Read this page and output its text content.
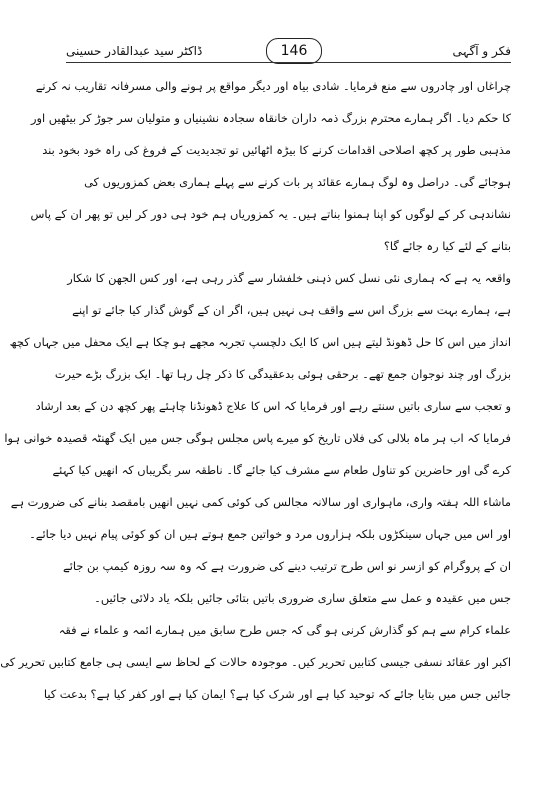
فکر و آگہی
146
ڈاکٹر سید عبدالقادر حسینی
چراغاں اور چادروں سے منع فرمایا۔ شادی بیاہ اور دیگر مواقع پر ہونے والی مسرفانہ تقاریب نہ کرنے
کا حکم دیا۔ اگر ہمارے محترم بزرگ ذمہ داران خانقاہ سجادہ نشینیاں و متولیان سر جوڑ کر بیٹھیں اور
مذہبی طور پر کچھ اصلاحی اقدامات کرنے کا بیڑہ اٹھائیں تو تجدیدیت کے فروغ کی راہ خود بخود بند
ہوجائے گی۔ دراصل وہ لوگ ہمارے عقائد پر بات کرنے سے پہلے ہماری بعض کمزوریوں کی
نشاندہی کر کے لوگوں کو اپنا ہمنوا بناتے ہیں۔ یہ کمزوریاں ہم خود ہی دور کر لیں تو پھر ان کے پاس
بتانے کے لئے کیا رہ جائے گا؟
واقعہ یہ ہے کہ ہماری نئی نسل کس ذہنی خلفشار سے گذر رہی ہے، اور کس الجھن کا شکار
ہے، ہمارے بہت سے بزرگ اس سے واقف ہی نہیں ہیں، اگر ان کے گوش گذار کیا جائے تو اپنے
انداز میں اس کا حل ڈھونڈ لیتے ہیں اس کا ایک دلچسپ تجربہ مجھے ہو چکا ہے ایک محفل میں جہاں کچھ
بزرگ اور چند نوجوان جمع تھے۔ برحقی ہوئی بدعقیدگی کا ذکر چل رہا تھا۔ ایک بزرگ بڑے حیرت
و تعجب سے ساری باتیں سنتے رہے اور فرمایا کہ اس کا علاج ڈھونڈنا چاہئے پھر کچھ دن کے بعد ارشاد
فرمایا کہ اب ہر ماہ بلالی کی فلاں تاریخ کو میرے پاس مجلس ہوگی جس میں ایک گھنٹہ قصیدہ خوانی ہوا
کرے گی اور حاضرین کو تناول طعام سے مشرف کیا جائے گا۔ ناطقہ سر بگریباں کہ انھیں کیا کہئے
ماشاء اللہ ہفتہ واری، ماہواری اور سالانہ مجالس کی کوئی کمی نہیں انھیں بامقصد بنانے کی ضرورت ہے
اور اس میں جہاں سینکڑوں بلکہ ہزاروں مرد و خواتین جمع ہوتے ہیں ان کو کوئی پیام نہیں دیا جائے۔
ان کے پروگرام کو ازسر نو اس طرح ترتیب دینے کی ضرورت ہے کہ وہ سہ روزہ کیمپ بن جائے
جس میں عقیدہ و عمل سے متعلق ساری ضروری باتیں بتائی جائیں بلکہ یاد دلائی جائیں۔
علماء کرام سے ہم کو گذارش کرنی ہو گی کہ جس طرح سابق میں ہمارے ائمہ و علماء نے فقہ
اکبر اور عقائد نسفی جیسی کتابیں تحریر کیں۔ موجودہ حالات کے لحاظ سے ایسی ہی جامع کتابیں تحریر کی
جائیں جس میں بتایا جائے کہ توحید کیا ہے اور شرک کیا ہے؟ ایمان کیا ہے اور کفر کیا ہے؟ بدعت کیا
